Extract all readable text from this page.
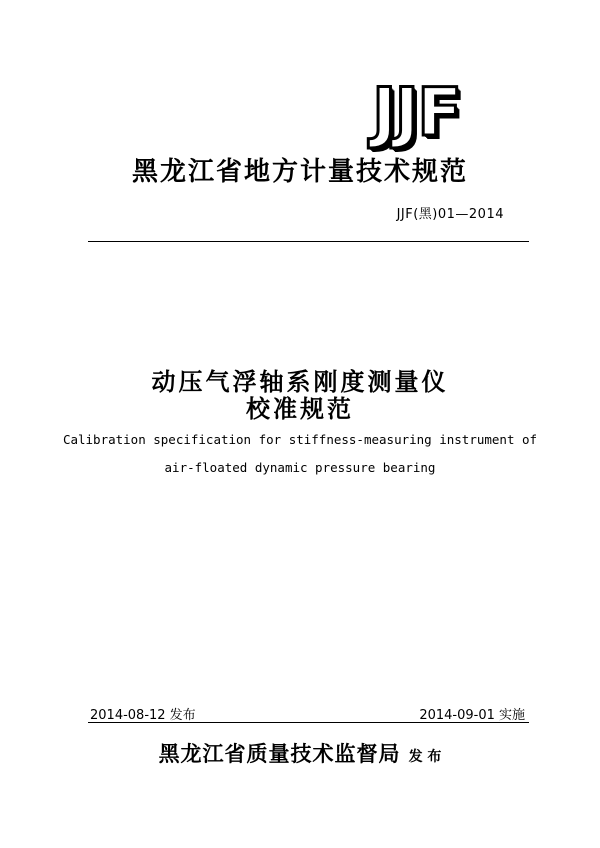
JJF
黑龙江省地方计量技术规范
JJF(黑)01—2014
动压气浮轴系刚度测量仪
校准规范
Calibration specification for stiffness-measuring instrument of
air-floated dynamic pressure bearing
2014-08-12 发布	2014-09-01 实施
黑龙江省质量技术监督局 发 布
